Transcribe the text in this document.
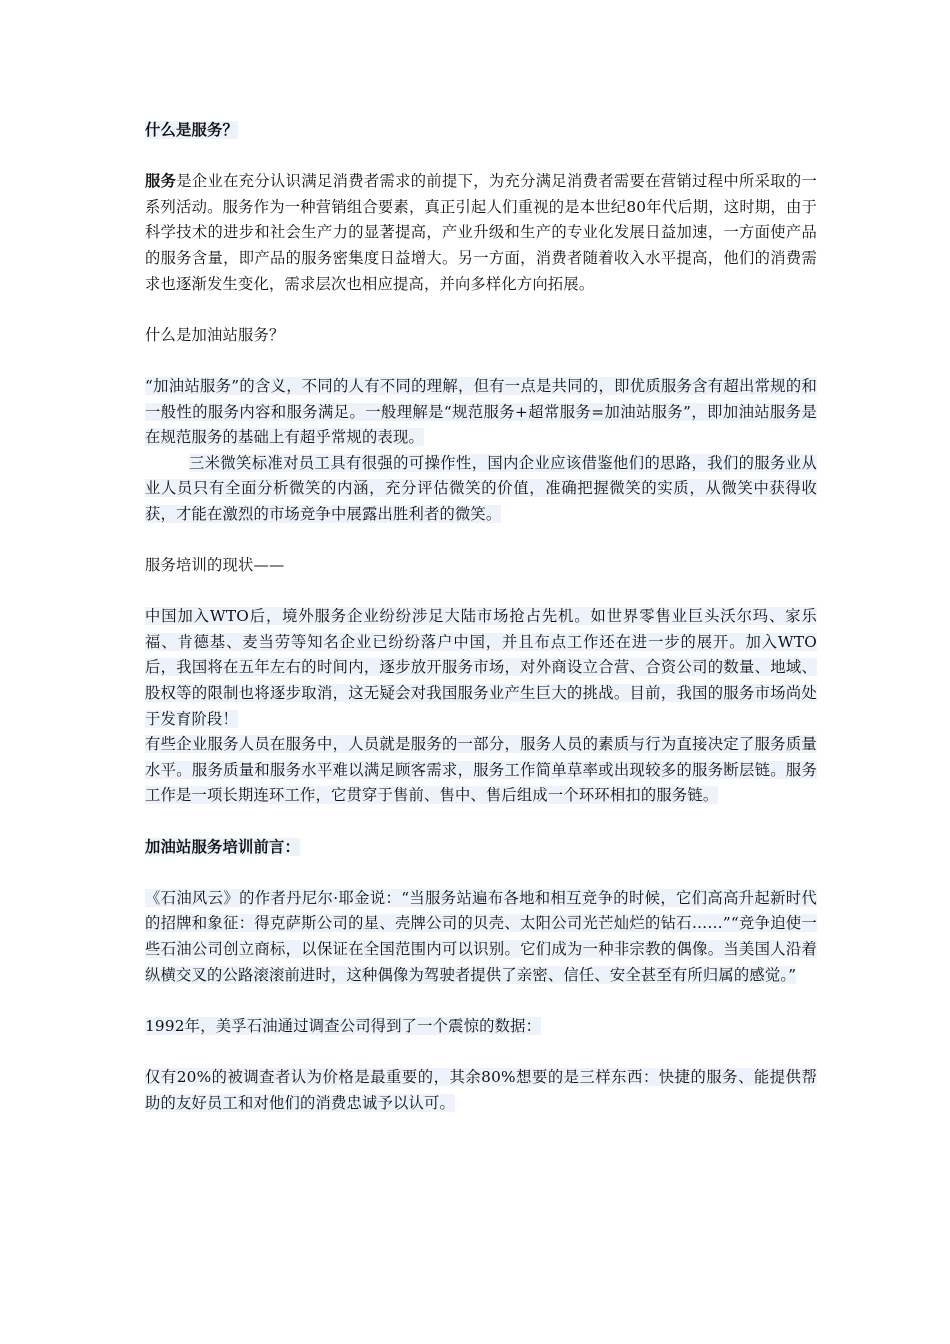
什么是服务？

服务是企业在充分认识满足消费者需求的前提下，为充分满足消费者需要在营销过程中所采取的一系列活动。服务作为一种营销组合要素，真正引起人们重视的是本世纪80年代后期，这时期，由于科学技术的进步和社会生产力的显著提高，产业升级和生产的专业化发展日益加速，一方面使产品的服务含量，即产品的服务密集度日益增大。另一方面，消费者随着收入水平提高，他们的消费需求也逐渐发生变化，需求层次也相应提高，并向多样化方向拓展。

什么是加油站服务？

“加油站服务”的含义，不同的人有不同的理解，但有一点是共同的，即优质服务含有超出常规的和一般性的服务内容和服务满足。一般理解是“规范服务+超常服务=加油站服务”，即加油站服务是在规范服务的基础上有超乎常规的表现。

三米微笑标准对员工具有很强的可操作性，国内企业应该借鉴他们的思路，我们的服务业从业人员只有全面分析微笑的内涵，充分评估微笑的价值，准确把握微笑的实质，从微笑中获得收获，才能在激烈的市场竞争中展露出胜利者的微笑。

服务培训的现状——

中国加入WTO后，境外服务企业纷纷涉足大陆市场抢占先机。如世界零售业巨头沃尔玛、家乐福、肯德基、麦当劳等知名企业已纷纷落户中国，并且布点工作还在进一步的展开。加入WTO后，我国将在五年左右的时间内，逐步放开服务市场，对外商设立合营、合资公司的数量、地域、股权等的限制也将逐步取消，这无疑会对我国服务业产生巨大的挑战。目前，我国的服务市场尚处于发育阶段！

有些企业服务人员在服务中，人员就是服务的一部分，服务人员的素质与行为直接决定了服务质量水平。服务质量和服务水平难以满足顾客需求，服务工作简单草率或出现较多的服务断层链。服务工作是一项长期连环工作，它贯穿于售前、售中、售后组成一个环环相扣的服务链。

加油站服务培训前言：

《石油风云》的作者丹尼尔·耶金说：“当服务站遍布各地和相互竞争的时候，它们高高升起新时代的招牌和象征：得克萨斯公司的星、壳牌公司的贝壳、太阳公司光芒灿烂的钻石……”“竞争迫使一些石油公司创立商标，以保证在全国范围内可以识别。它们成为一种非宗教的偶像。当美国人沿着纵横交叉的公路滚滚前进时，这种偶像为驾驶者提供了亲密、信任、安全甚至有所归属的感觉。”

1992年，美孚石油通过调查公司得到了一个震惊的数据：

仅有20%的被调查者认为价格是最重要的，其余80%想要的是三样东西：快捷的服务、能提供帮助的友好员工和对他们的消费忠诚予以认可。
